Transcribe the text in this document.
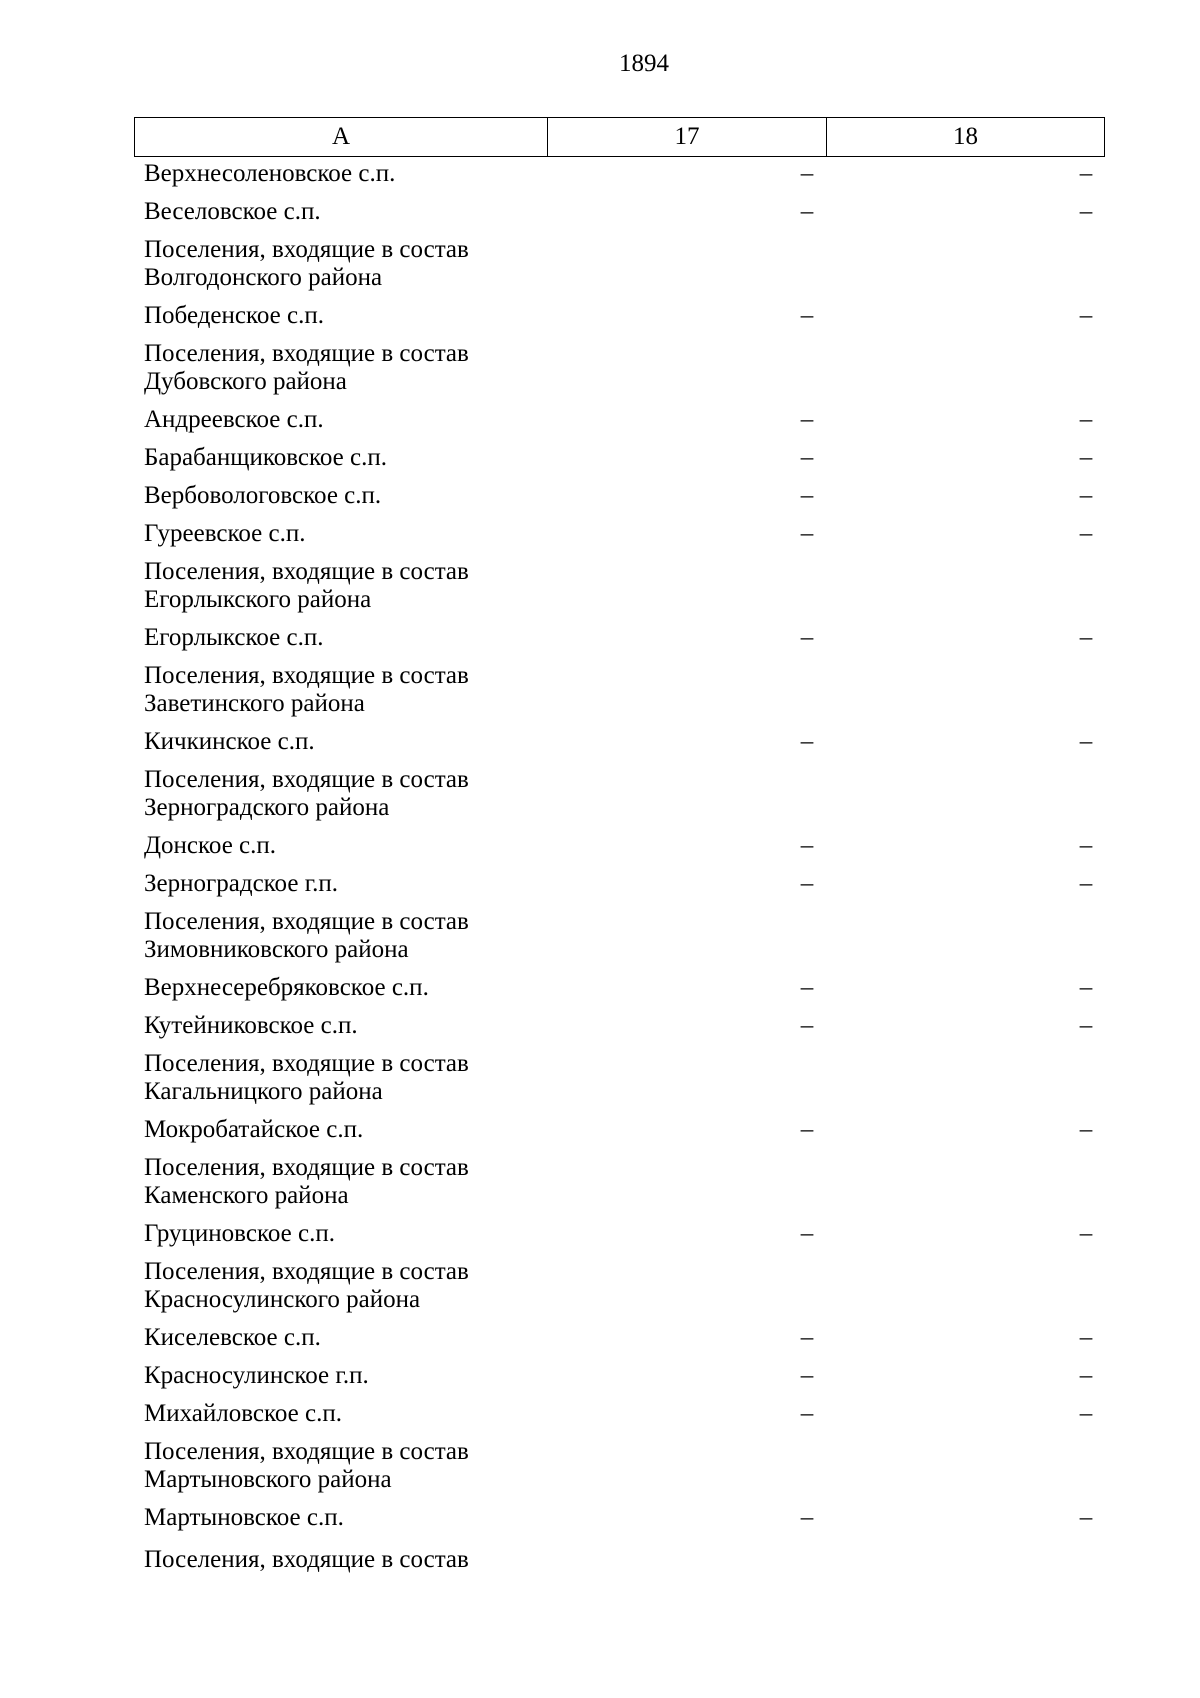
1894
А	17	18
Верхнесоленовское с.п.	–	–
Веселовское с.п.	–	–
Поселения, входящие в состав
Волгодонского района
Победенское с.п.	–	–
Поселения, входящие в состав
Дубовского района
Андреевское с.п.	–	–
Барабанщиковское с.п.	–	–
Вербовологовское с.п.	–	–
Гуреевское с.п.	–	–
Поселения, входящие в состав
Егорлыкского района
Егорлыкское с.п.	–	–
Поселения, входящие в состав
Заветинского района
Кичкинское с.п.	–	–
Поселения, входящие в состав
Зерноградского района
Донское с.п.	–	–
Зерноградское г.п.	–	–
Поселения, входящие в состав
Зимовниковского района
Верхнесеребряковское с.п.	–	–
Кутейниковское с.п.	–	–
Поселения, входящие в состав
Кагальницкого района
Мокробатайское с.п.	–	–
Поселения, входящие в состав
Каменского района
Груциновское с.п.	–	–
Поселения, входящие в состав
Красносулинского района
Киселевское с.п.	–	–
Красносулинское г.п.	–	–
Михайловское с.п.	–	–
Поселения, входящие в состав
Мартыновского района
Мартыновское с.п.	–	–
Поселения, входящие в состав
